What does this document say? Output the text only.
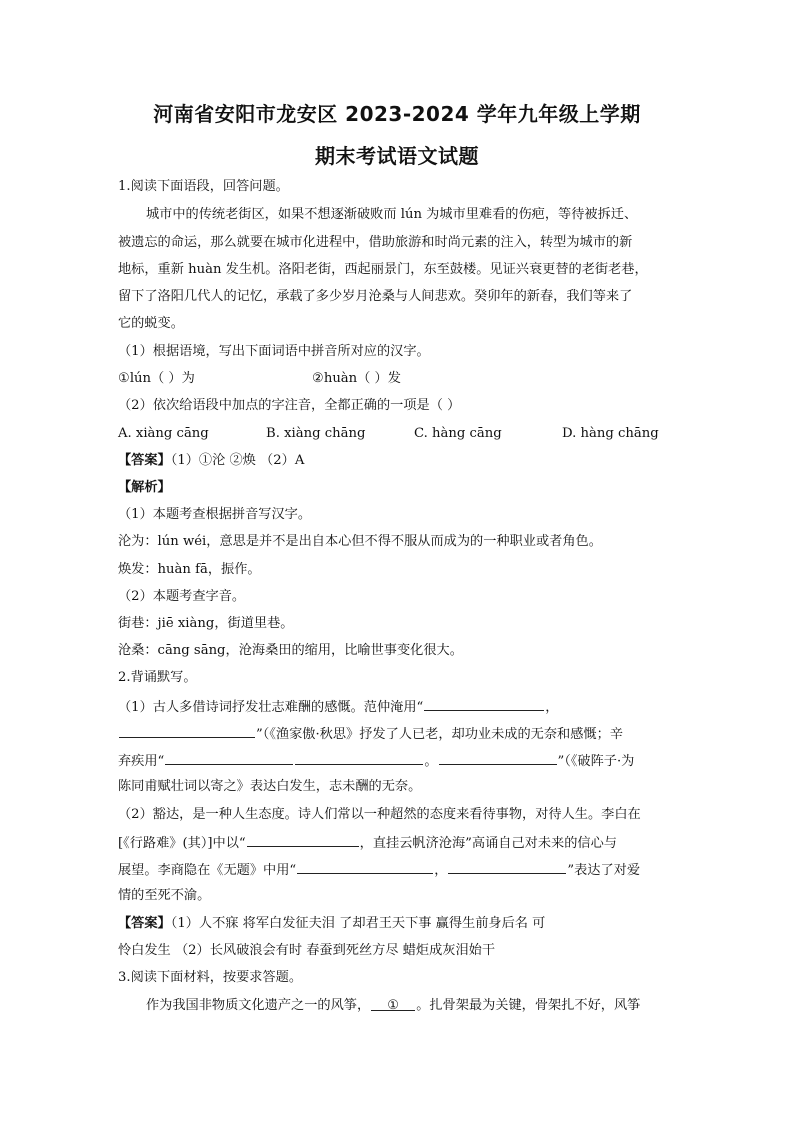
河南省安阳市龙安区 2023-2024 学年九年级上学期
期末考试语文试题
1.阅读下面语段，回答问题。
城市中的传统老街区，如果不想逐渐破败而 lún 为城市里难看的伤疤，等待被拆迁、
被遗忘的命运，那么就要在城市化进程中，借助旅游和时尚元素的注入，转型为城市的新
地标，重新 huàn 发生机。洛阳老街，西起丽景门，东至鼓楼。见证兴衰更替的老街老巷，
留下了洛阳几代人的记忆，承载了多少岁月沧桑与人间悲欢。癸卯年的新春，我们等来了
它的蜕变。
（1）根据语境，写出下面词语中拼音所对应的汉字。
①lún（ ）为	②huàn（ ）发
（2）依次给语段中加点的字注音，全都正确的一项是（ ）
A. xiàng cāng	B. xiàng chāng	C. hàng cāng	D. hàng chāng
【答案】（1）①沦 ②焕 （2）A
【解析】
（1）本题考查根据拼音写汉字。
沦为：lún wéi，意思是并不是出自本心但不得不服从而成为的一种职业或者角色。
焕发：huàn fā，振作。
（2）本题考查字音。
街巷：jiē xiàng，街道里巷。
沧桑：cāng sāng，沧海桑田的缩用，比喻世事变化很大。
2.背诵默写。
（1）古人多借诗词抒发壮志难酬的感慨。范仲淹用“	，
”（《渔家傲·秋思》抒发了人已老，却功业未成的无奈和感慨；辛
弃疾用“	。	”（《破阵子·为
陈同甫赋壮词以寄之》表达白发生，志未酬的无奈。
（2）豁达，是一种人生态度。诗人们常以一种超然的态度来看待事物，对待人生。李白在
[《行路难》(其）]中以“	，直挂云帆济沧海”高诵自己对未来的信心与
展望。李商隐在《无题》中用“	，	”表达了对爱
情的至死不渝。
【答案】（1）人不寐 将军白发征夫泪 了却君王天下事 赢得生前身后名 可
怜白发生 （2）长风破浪会有时 春蚕到死丝方尽 蜡炬成灰泪始干
3.阅读下面材料，按要求答题。
作为我国非物质文化遗产之一的风筝， ① 。扎骨架最为关键，骨架扎不好，风筝
